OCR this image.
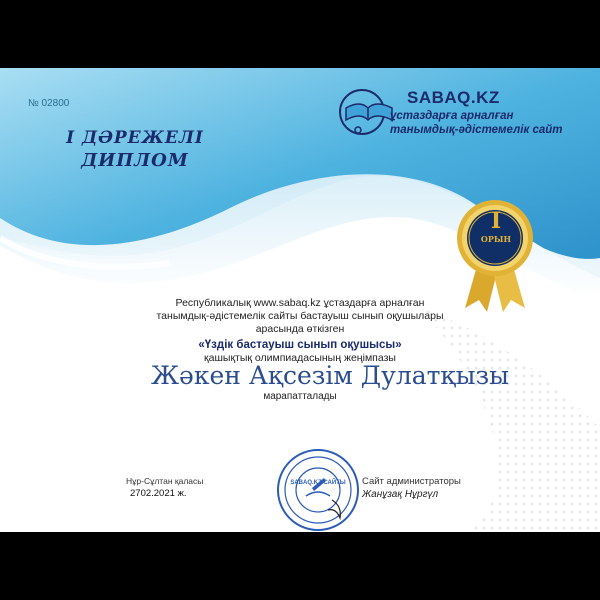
№ 02800
І ДӘРЕЖЕЛІ
ДИПЛОМ
SABAQ.KZ
ұстаздарға арналған
танымдық-әдістемелік сайт
I
ОРЫН
Республикалық www.sabaq.kz ұстаздарға арналған
танымдық-әдістемелік сайты бастауыш сынып оқушылары
арасында өткізген
«Үздік бастауыш сынып оқушысы»
қашықтық олимпиадасының жеңімпазы
Жәкен Ақсезім Дулатқызы
марапатталады
Нұр-Сұлтан қаласы
2702.2021 ж.
SABAQ.KZ САЙТЫ Сайт администраторы
Жанұзақ Нұргүл
